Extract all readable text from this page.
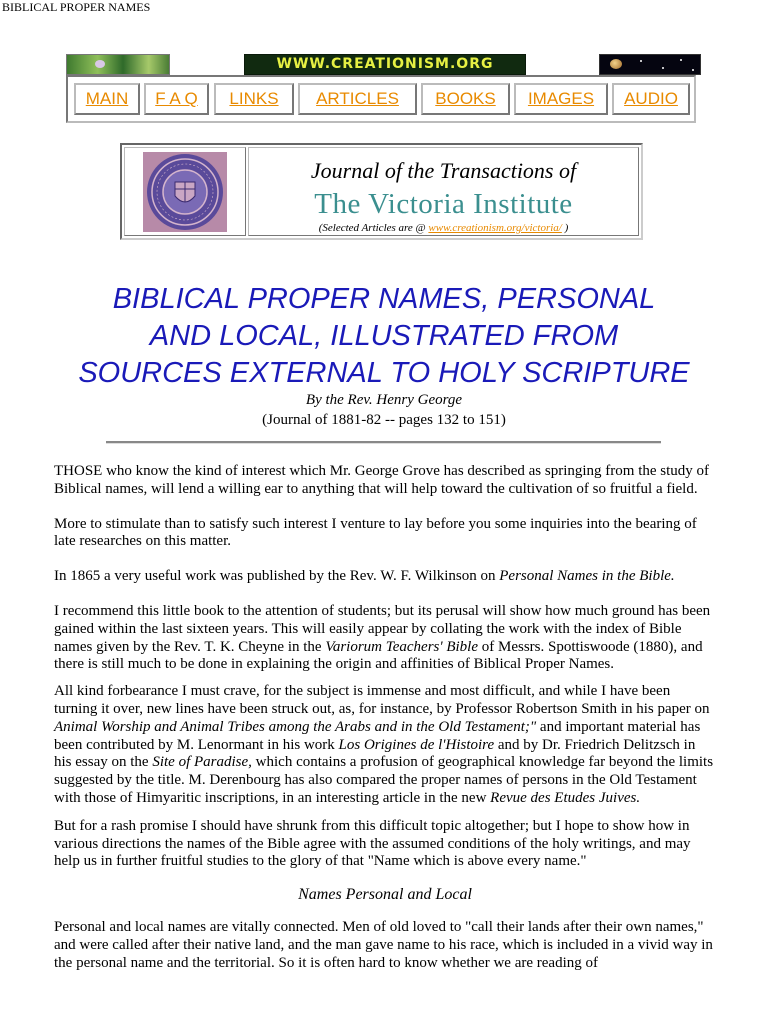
BIBLICAL PROPER NAMES
WWW.CREATIONISM.ORG
MAIN	F A Q	LINKS	ARTICLES	BOOKS	IMAGES	AUDIO
Journal of the Transactions of
The Victoria Institute
(Selected Articles are @ www.creationism.org/victoria/ )
BIBLICAL PROPER NAMES, PERSONAL
AND LOCAL, ILLUSTRATED FROM
SOURCES EXTERNAL TO HOLY SCRIPTURE
By the Rev. Henry George
(Journal of 1881-82 -- pages 132 to 151)

THOSE who know the kind of interest which Mr. George Grove has described as springing from the study of Biblical names, will lend a willing ear to anything that will help toward the cultivation of so fruitful a field.

More to stimulate than to satisfy such interest I venture to lay before you some inquiries into the bearing of late researches on this matter.

In 1865 a very useful work was published by the Rev. W. F. Wilkinson on Personal Names in the Bible.

I recommend this little book to the attention of students; but its perusal will show how much ground has been gained within the last sixteen years. This will easily appear by collating the work with the index of Bible names given by the Rev. T. K. Cheyne in the Variorum Teachers' Bible of Messrs. Spottiswoode (1880), and there is still much to be done in explaining the origin and affinities of Biblical Proper Names.

All kind forbearance I must crave, for the subject is immense and most difficult, and while I have been turning it over, new lines have been struck out, as, for instance, by Professor Robertson Smith in his paper on Animal Worship and Animal Tribes among the Arabs and in the Old Testament;" and important material has been contributed by M. Lenormant in his work Los Origines de l'Histoire and by Dr. Friedrich Delitzsch in his essay on the Site of Paradise, which contains a profusion of geographical knowledge far beyond the limits suggested by the title. M. Derenbourg has also compared the proper names of persons in the Old Testament with those of Himyaritic inscriptions, in an interesting article in the new Revue des Etudes Juives.

But for a rash promise I should have shrunk from this difficult topic altogether; but I hope to show how in various directions the names of the Bible agree with the assumed conditions of the holy writings, and may help us in further fruitful studies to the glory of that "Name which is above every name."

Names Personal and Local

Personal and local names are vitally connected. Men of old loved to "call their lands after their own names," and were called after their native land, and the man gave name to his race, which is included in a vivid way in the personal name and the territorial. So it is often hard to know whether we are reading of
